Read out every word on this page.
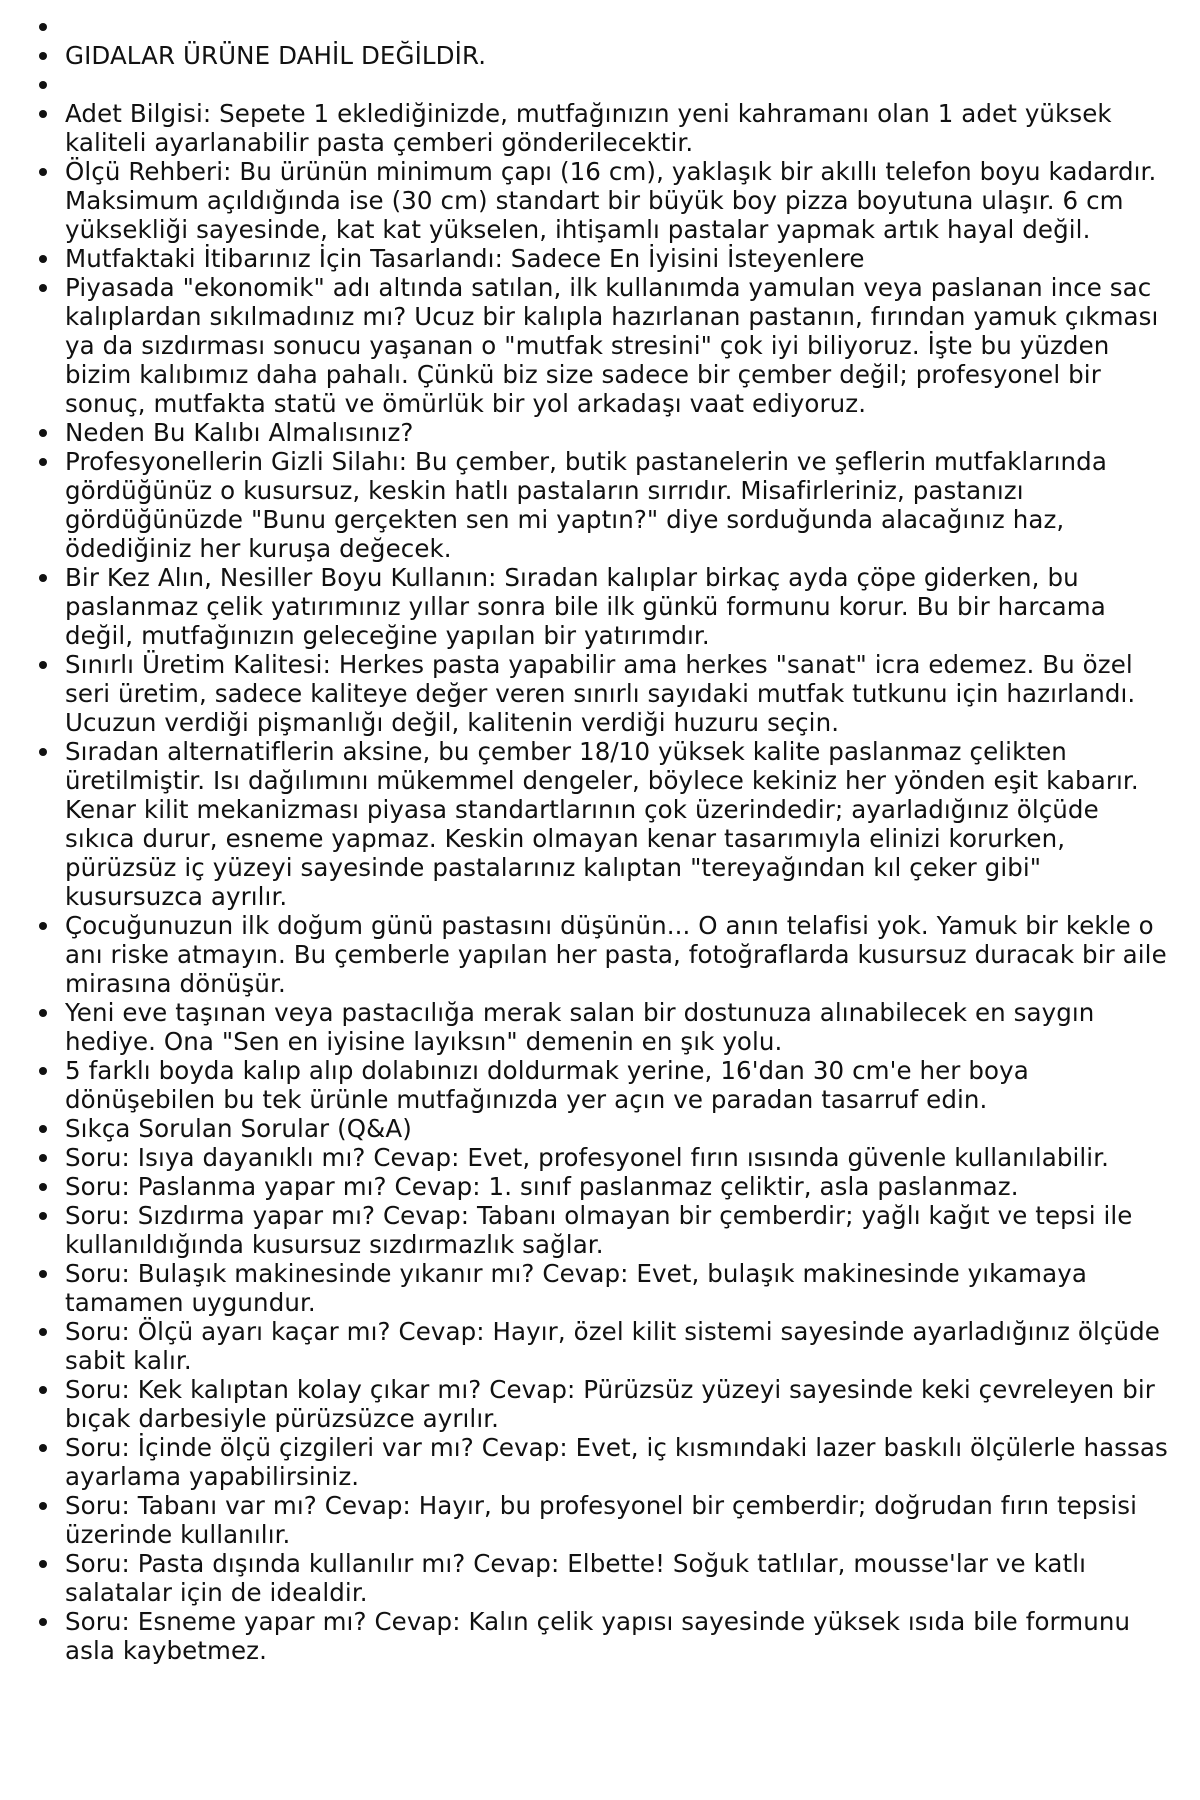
GIDALAR ÜRÜNE DAHİL DEĞİLDİR.
Adet Bilgisi: Sepete 1 eklediğinizde, mutfağınızın yeni kahramanı olan 1 adet yüksek kaliteli ayarlanabilir pasta çemberi gönderilecektir.
Ölçü Rehberi: Bu ürünün minimum çapı (16 cm), yaklaşık bir akıllı telefon boyu kadardır. Maksimum açıldığında ise (30 cm) standart bir büyük boy pizza boyutuna ulaşır. 6 cm yüksekliği sayesinde, kat kat yükselen, ihtişamlı pastalar yapmak artık hayal değil.
Mutfaktaki İtibarınız İçin Tasarlandı: Sadece En İyisini İsteyenlere
Piyasada "ekonomik" adı altında satılan, ilk kullanımda yamulan veya paslanan ince sac kalıplardan sıkılmadınız mı? Ucuz bir kalıpla hazırlanan pastanın, fırından yamuk çıkması ya da sızdırması sonucu yaşanan o "mutfak stresini" çok iyi biliyoruz. İşte bu yüzden bizim kalıbımız daha pahalı. Çünkü biz size sadece bir çember değil; profesyonel bir sonuç, mutfakta statü ve ömürlük bir yol arkadaşı vaat ediyoruz.
Neden Bu Kalıbı Almalısınız?
Profesyonellerin Gizli Silahı: Bu çember, butik pastanelerin ve şeflerin mutfaklarında gördüğünüz o kusursuz, keskin hatlı pastaların sırrıdır. Misafirleriniz, pastanızı gördüğünüzde "Bunu gerçekten sen mi yaptın?" diye sorduğunda alacağınız haz, ödediğiniz her kuruşa değecek.
Bir Kez Alın, Nesiller Boyu Kullanın: Sıradan kalıplar birkaç ayda çöpe giderken, bu paslanmaz çelik yatırımınız yıllar sonra bile ilk günkü formunu korur. Bu bir harcama değil, mutfağınızın geleceğine yapılan bir yatırımdır.
Sınırlı Üretim Kalitesi: Herkes pasta yapabilir ama herkes "sanat" icra edemez. Bu özel seri üretim, sadece kaliteye değer veren sınırlı sayıdaki mutfak tutkunu için hazırlandı. Ucuzun verdiği pişmanlığı değil, kalitenin verdiği huzuru seçin.
Sıradan alternatiflerin aksine, bu çember 18/10 yüksek kalite paslanmaz çelikten üretilmiştir. Isı dağılımını mükemmel dengeler, böylece kekiniz her yönden eşit kabarır. Kenar kilit mekanizması piyasa standartlarının çok üzerindedir; ayarladığınız ölçüde sıkıca durur, esneme yapmaz. Keskin olmayan kenar tasarımıyla elinizi korurken, pürüzsüz iç yüzeyi sayesinde pastalarınız kalıptan "tereyağından kıl çeker gibi" kusursuzca ayrılır.
Çocuğunuzun ilk doğum günü pastasını düşünün... O anın telafisi yok. Yamuk bir kekle o anı riske atmayın. Bu çemberle yapılan her pasta, fotoğraflarda kusursuz duracak bir aile mirasına dönüşür.
Yeni eve taşınan veya pastacılığa merak salan bir dostunuza alınabilecek en saygın hediye. Ona "Sen en iyisine layıksın" demenin en şık yolu.
5 farklı boyda kalıp alıp dolabınızı doldurmak yerine, 16'dan 30 cm'e her boya dönüşebilen bu tek ürünle mutfağınızda yer açın ve paradan tasarruf edin.
Sıkça Sorulan Sorular (Q&A)
Soru: Isıya dayanıklı mı? Cevap: Evet, profesyonel fırın ısısında güvenle kullanılabilir.
Soru: Paslanma yapar mı? Cevap: 1. sınıf paslanmaz çeliktir, asla paslanmaz.
Soru: Sızdırma yapar mı? Cevap: Tabanı olmayan bir çemberdir; yağlı kağıt ve tepsi ile kullanıldığında kusursuz sızdırmazlık sağlar.
Soru: Bulaşık makinesinde yıkanır mı? Cevap: Evet, bulaşık makinesinde yıkamaya tamamen uygundur.
Soru: Ölçü ayarı kaçar mı? Cevap: Hayır, özel kilit sistemi sayesinde ayarladığınız ölçüde sabit kalır.
Soru: Kek kalıptan kolay çıkar mı? Cevap: Pürüzsüz yüzeyi sayesinde keki çevreleyen bir bıçak darbesiyle pürüzsüzce ayrılır.
Soru: İçinde ölçü çizgileri var mı? Cevap: Evet, iç kısmındaki lazer baskılı ölçülerle hassas ayarlama yapabilirsiniz.
Soru: Tabanı var mı? Cevap: Hayır, bu profesyonel bir çemberdir; doğrudan fırın tepsisi üzerinde kullanılır.
Soru: Pasta dışında kullanılır mı? Cevap: Elbette! Soğuk tatlılar, mousse'lar ve katlı salatalar için de idealdir.
Soru: Esneme yapar mı? Cevap: Kalın çelik yapısı sayesinde yüksek ısıda bile formunu asla kaybetmez.
